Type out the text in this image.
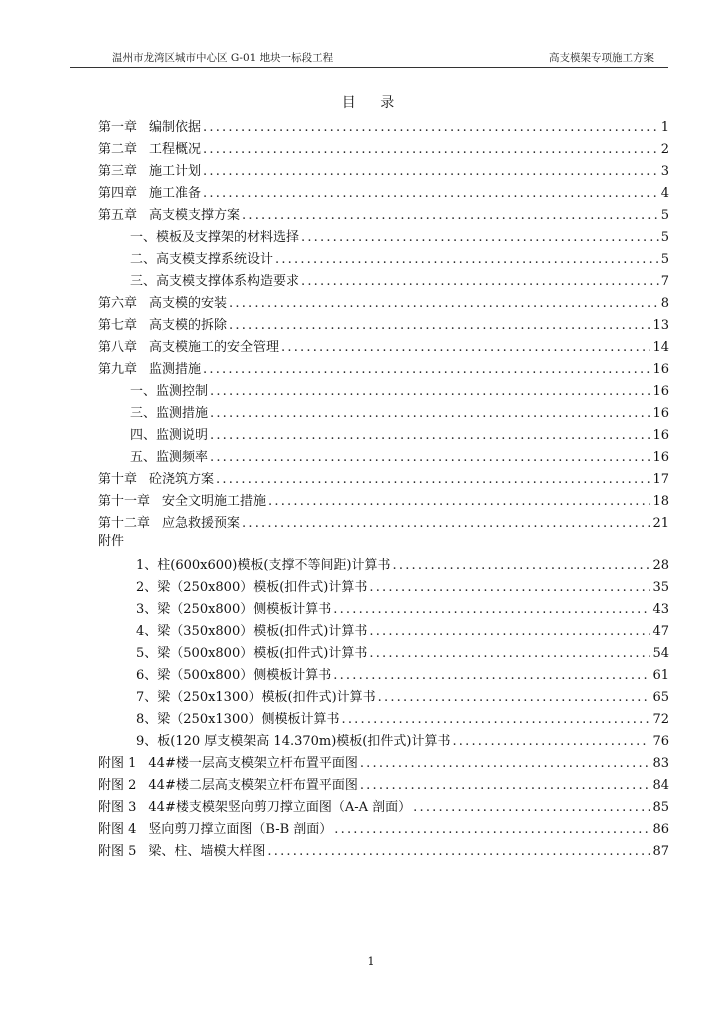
温州市龙湾区城市中心区 G-01 地块一标段工程	高支模架专项施工方案
目 录
第一章 编制依据 .....	1
第二章 工程概况 .....	2
第三章 施工计划 .....	3
第四章 施工准备 .....	4
第五章 高支模支撑方案 .....	5
一、模板及支撑架的材料选择 .....	5
二、高支模支撑系统设计 .....	5
三、高支模支撑体系构造要求 .....	7
第六章 高支模的安装 .....	8
第七章 高支模的拆除 .....	13
第八章 高支模施工的安全管理 .....	14
第九章 监测措施 .....	16
一、监测控制 .....	16
三、监测措施 .....	16
四、监测说明 .....	16
五、监测频率 .....	16
第十章 砼浇筑方案 .....	17
第十一章 安全文明施工措施 .....	18
第十二章 应急救援预案 .....	21
附件
1、柱(600x600)模板(支撑不等间距)计算书 .....	28
2、梁（250x800）模板(扣件式)计算书 .....	35
3、梁（250x800）侧模板计算书 .....	43
4、梁（350x800）模板(扣件式)计算书 .....	47
5、梁（500x800）模板(扣件式)计算书 .....	54
6、梁（500x800）侧模板计算书 .....	61
7、梁（250x1300）模板(扣件式)计算书 .....	65
8、梁（250x1300）侧模板计算书 .....	72
9、板(120 厚支模架高 14.370m)模板(扣件式)计算书 .....	76
附图 1 44#楼一层高支模架立杆布置平面图 .....	83
附图 2 44#楼二层高支模架立杆布置平面图 .....	84
附图 3 44#楼支模架竖向剪刀撑立面图（A-A 剖面） .....	85
附图 4 竖向剪刀撑立面图（B-B 剖面） .....	86
附图 5 梁、柱、墙模大样图 .....	87
1
